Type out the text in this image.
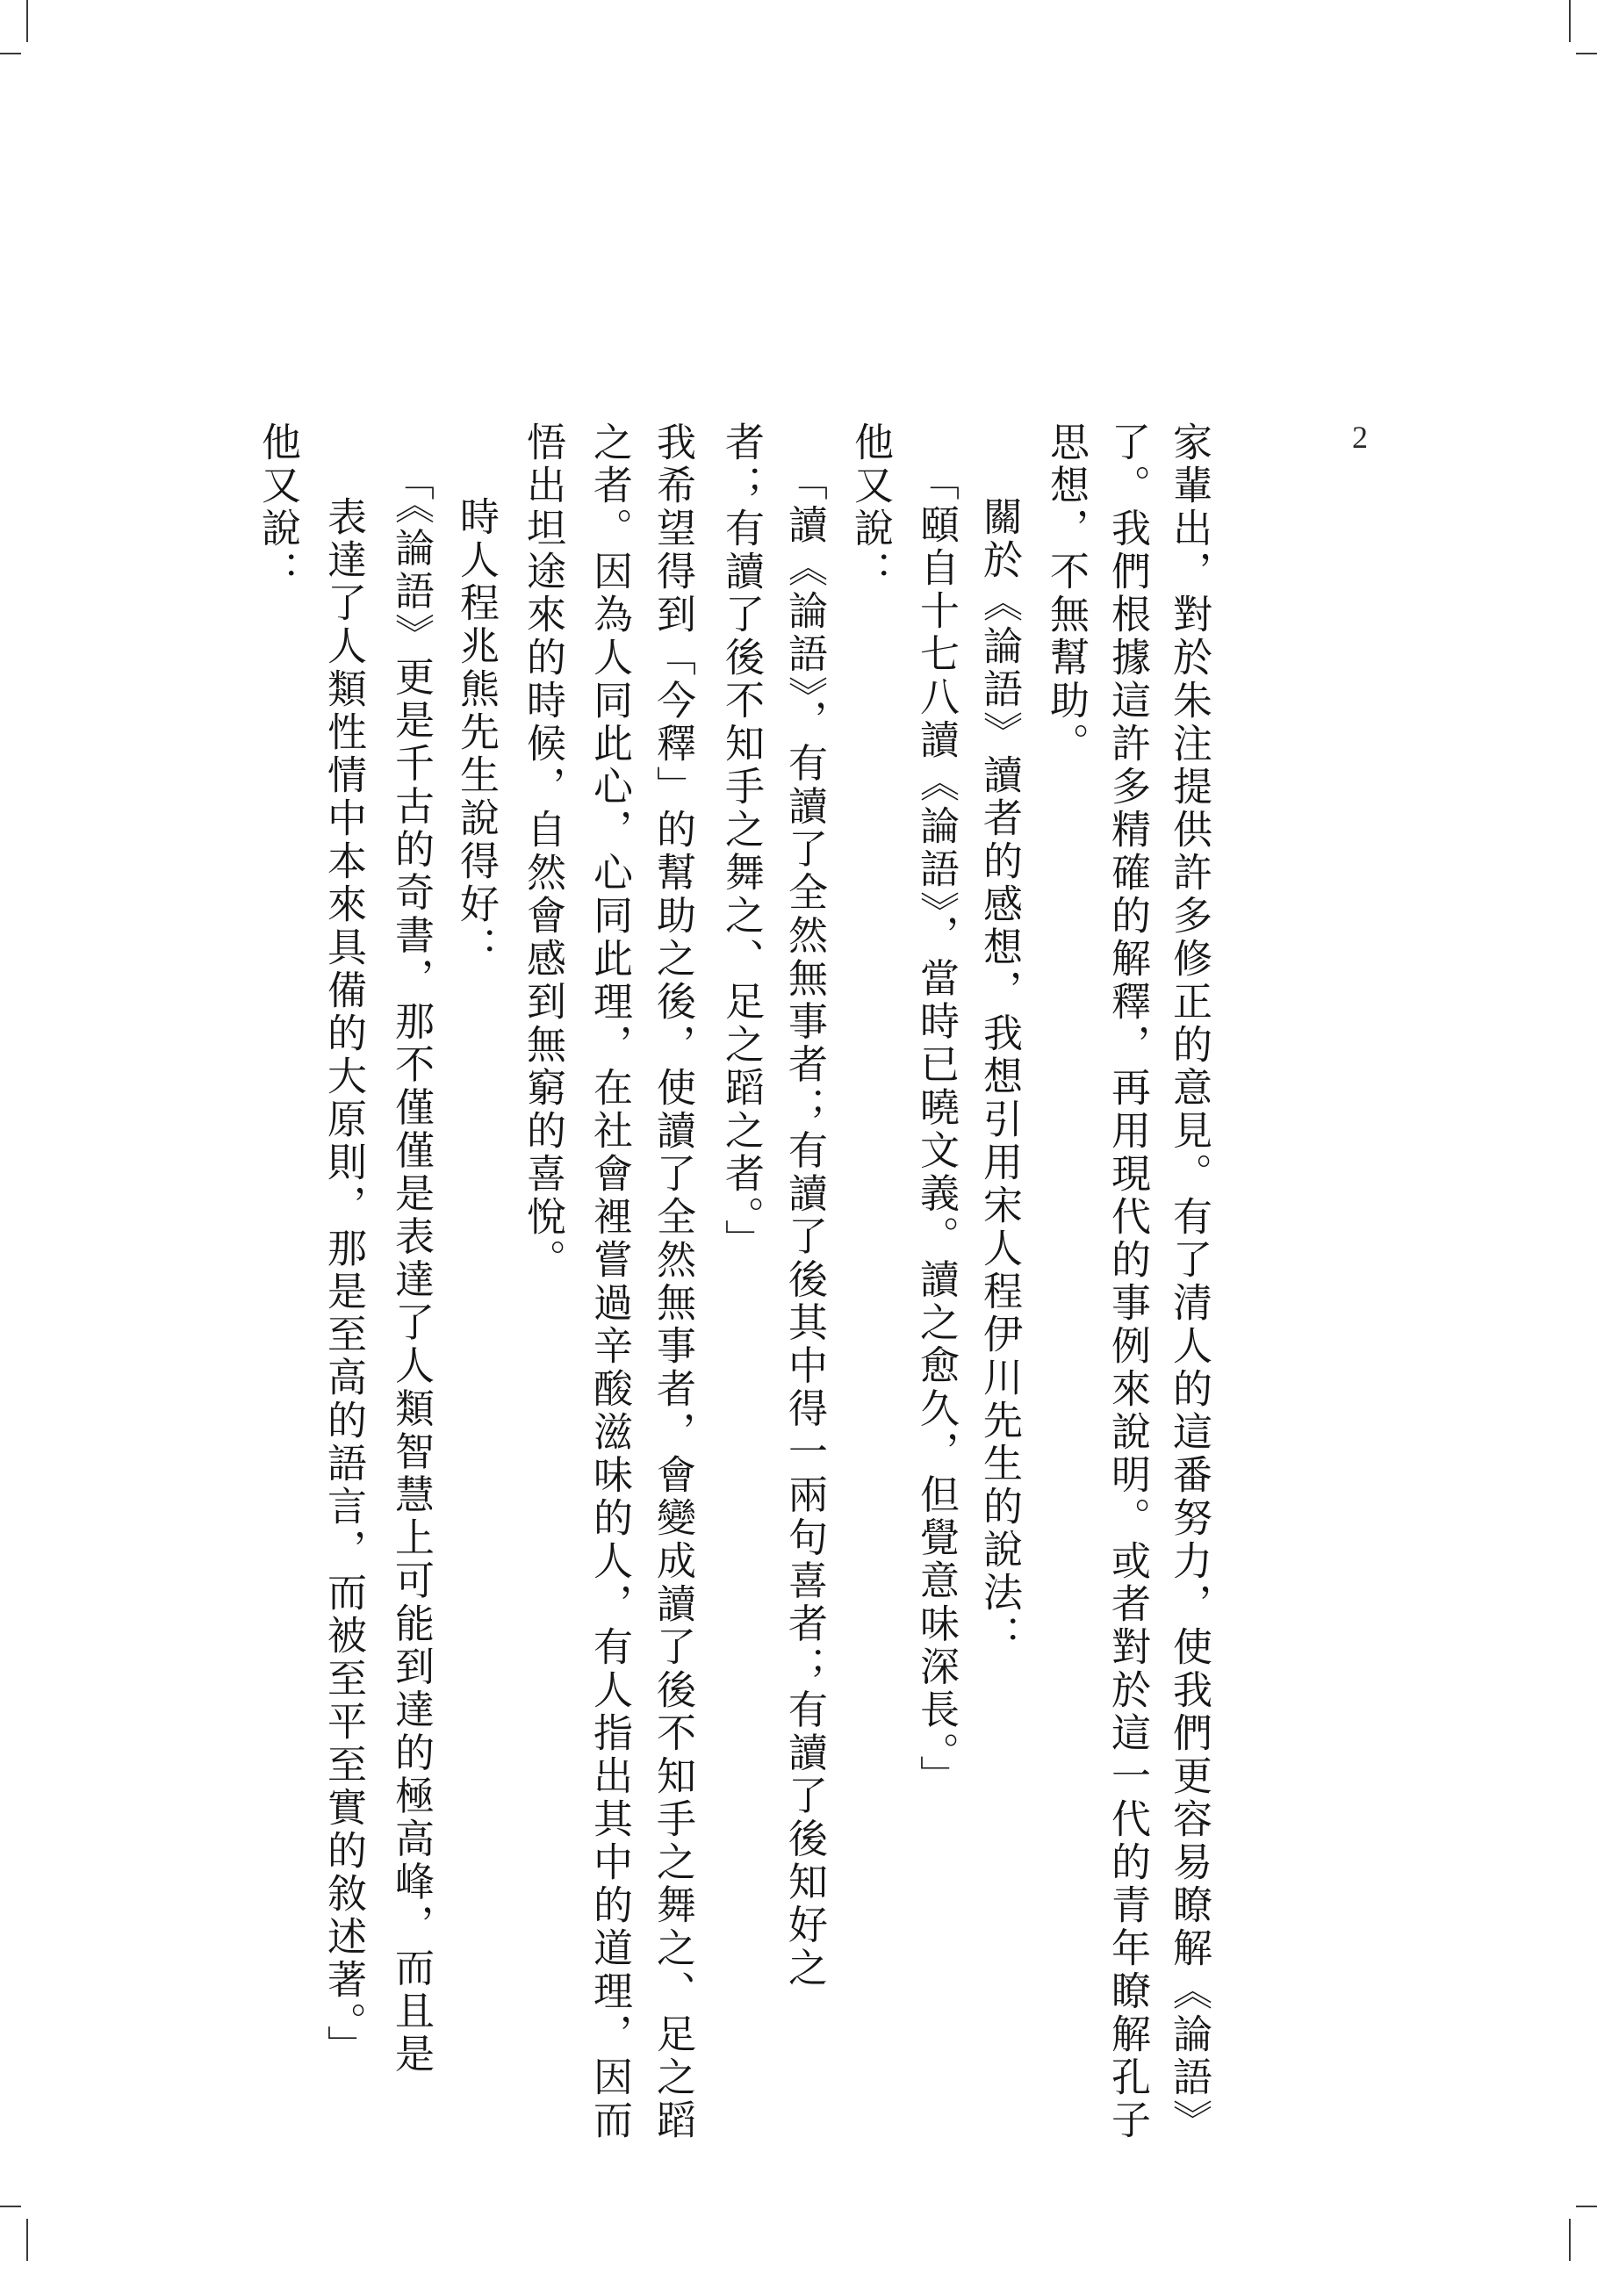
2
家輩出，對於朱注提供許多修正的意見。有了清人的這番努力，使我們更容易瞭解《論語》
了。我們根據這許多精確的解釋，再用現代的事例來說明。或者對於這一代的青年瞭解孔子
思想，不無幫助。
關於《論語》讀者的感想，我想引用宋人程伊川先生的說法：
「頤自十七八讀《論語》，當時已曉文義。讀之愈久，但覺意味深長。」
他又說：
「讀《論語》，有讀了全然無事者；有讀了後其中得一兩句喜者；有讀了後知好之
者；有讀了後不知手之舞之、足之蹈之者。」
我希望得到「今釋」的幫助之後，使讀了全然無事者，會變成讀了後不知手之舞之、足之蹈
之者。因為人同此心，心同此理，在社會裡嘗過辛酸滋味的人，有人指出其中的道理，因而
悟出坦途來的時候，自然會感到無窮的喜悅。
時人程兆熊先生說得好：
「《論語》更是千古的奇書，那不僅僅是表達了人類智慧上可能到達的極高峰，而且是
表達了人類性情中本來具備的大原則，那是至高的語言，而被至平至實的敘述著。」
他又說：
